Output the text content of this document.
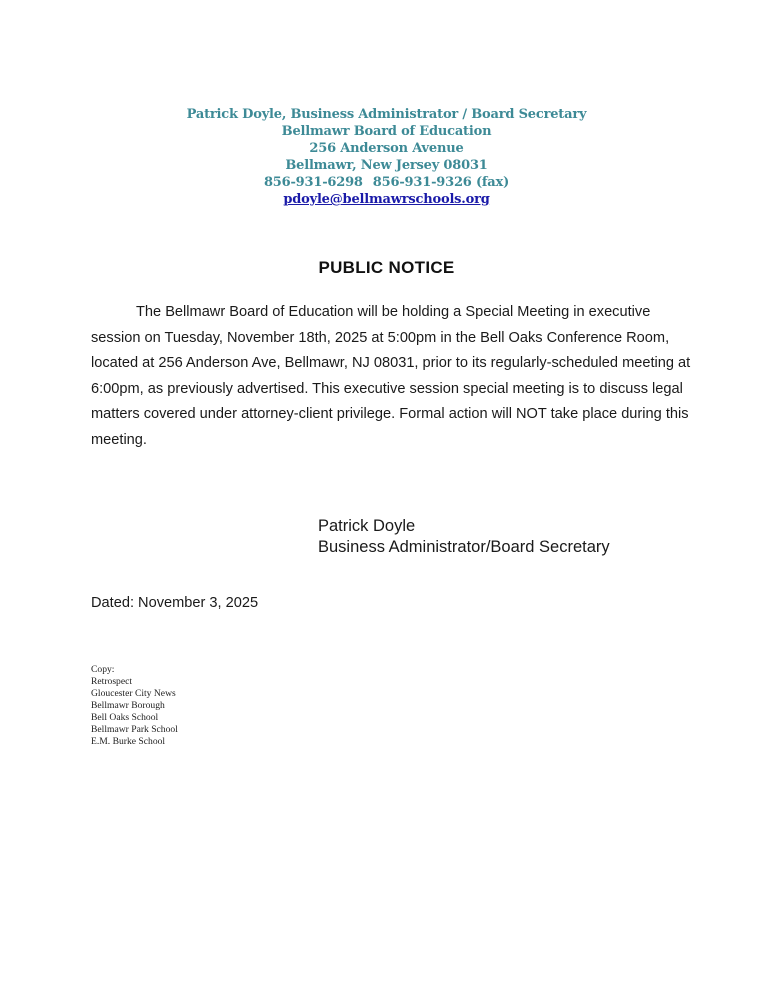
Patrick Doyle, Business Administrator / Board Secretary
Bellmawr Board of Education
256 Anderson Avenue
Bellmawr, New Jersey 08031
856-931-6298 856-931-9326 (fax)
pdoyle@bellmawrschools.org
PUBLIC NOTICE

The Bellmawr Board of Education will be holding a Special Meeting in executive session on Tuesday, November 18th, 2025 at 5:00pm in the Bell Oaks Conference Room, located at 256 Anderson Ave, Bellmawr, NJ 08031, prior to its regularly-scheduled meeting at 6:00pm, as previously advertised. This executive session special meeting is to discuss legal matters covered under attorney-client privilege. Formal action will NOT take place during this meeting.

Patrick Doyle
Business Administrator/Board Secretary
Dated: November 3, 2025
Copy:
Retrospect
Gloucester City News
Bellmawr Borough
Bell Oaks School
Bellmawr Park School
E.M. Burke School
